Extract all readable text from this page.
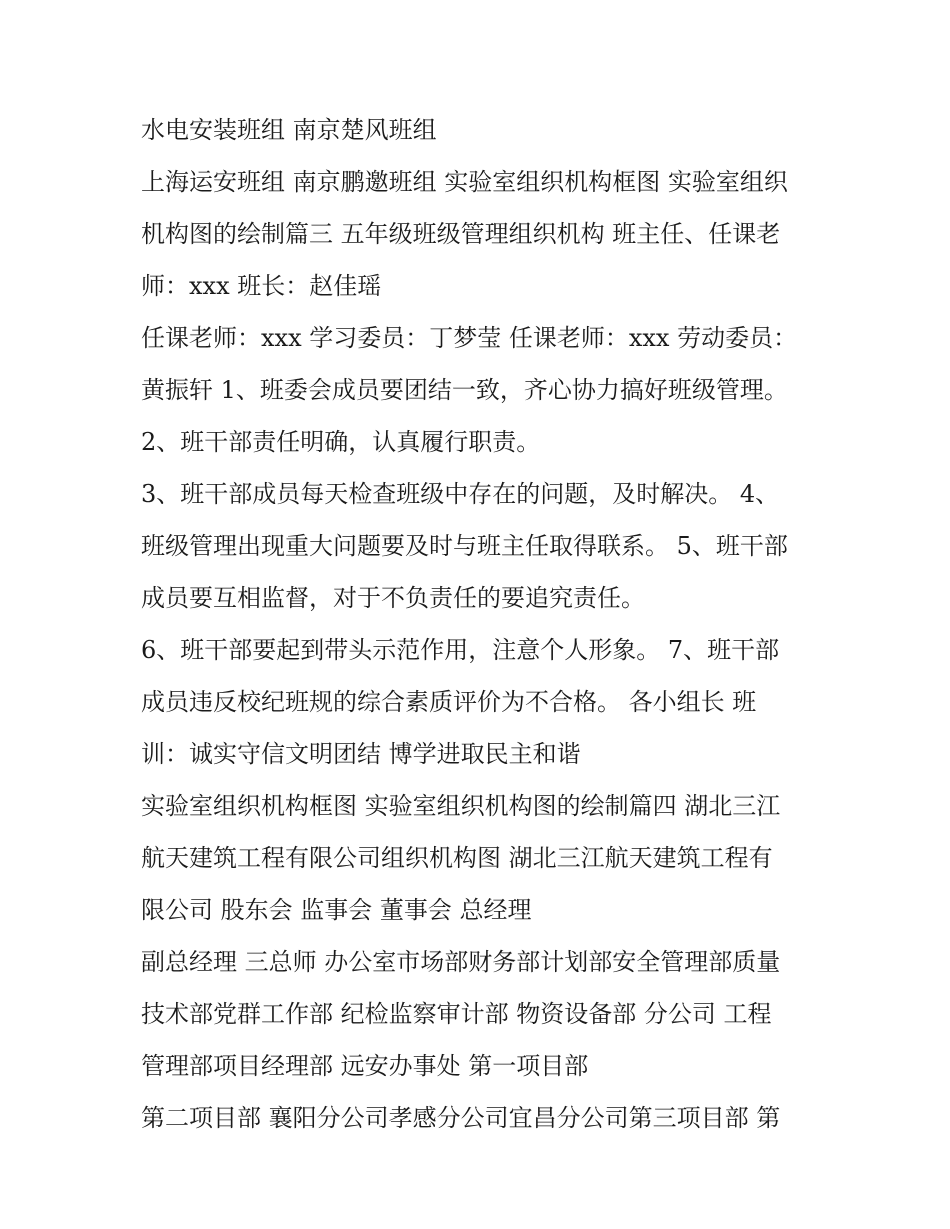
水电安装班组 南京楚风班组
上海运安班组 南京鹏邀班组 实验室组织机构框图 实验室组织
机构图的绘制篇三 五年级班级管理组织机构 班主任、任课老
师：xxx 班长：赵佳瑶
任课老师：xxx 学习委员：丁梦莹 任课老师：xxx 劳动委员：
黄振轩 1、班委会成员要团结一致，齐心协力搞好班级管理。
2、班干部责任明确，认真履行职责。
3、班干部成员每天检查班级中存在的问题，及时解决。 4、
班级管理出现重大问题要及时与班主任取得联系。 5、班干部
成员要互相监督，对于不负责任的要追究责任。
6、班干部要起到带头示范作用，注意个人形象。 7、班干部
成员违反校纪班规的综合素质评价为不合格。 各小组长 班
训：诚实守信文明团结 博学进取民主和谐
实验室组织机构框图 实验室组织机构图的绘制篇四 湖北三江
航天建筑工程有限公司组织机构图 湖北三江航天建筑工程有
限公司 股东会 监事会 董事会 总经理
副总经理 三总师 办公室市场部财务部计划部安全管理部质量
技术部党群工作部 纪检监察审计部 物资设备部 分公司 工程
管理部项目经理部 远安办事处 第一项目部
第二项目部 襄阳分公司孝感分公司宜昌分公司第三项目部 第
